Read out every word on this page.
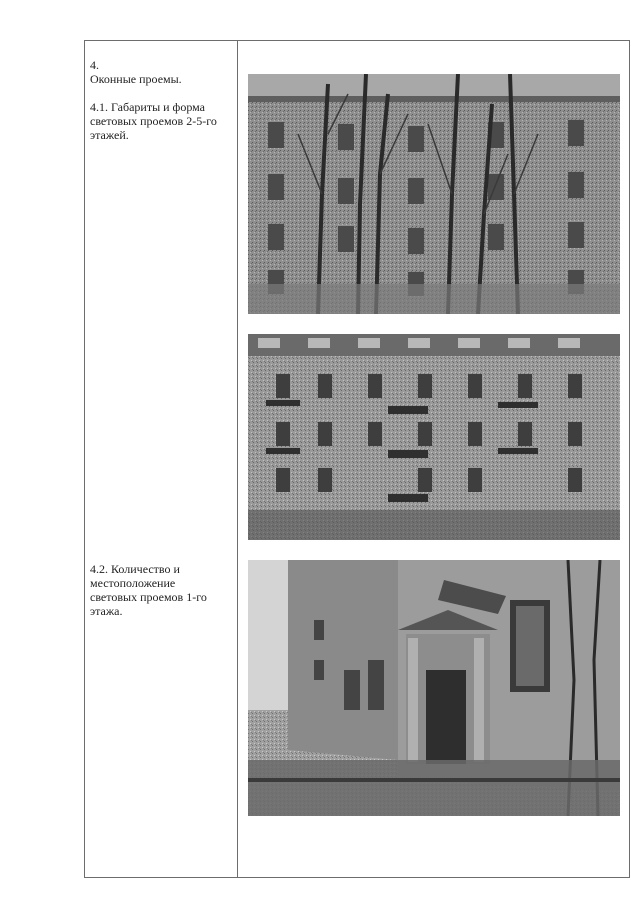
4.

Оконные проемы.

4.1. Габариты и форма

световых проемов 2-5-го

этажей.

4.2. Количество и

местоположение

световых проемов 1-го

этажа.
